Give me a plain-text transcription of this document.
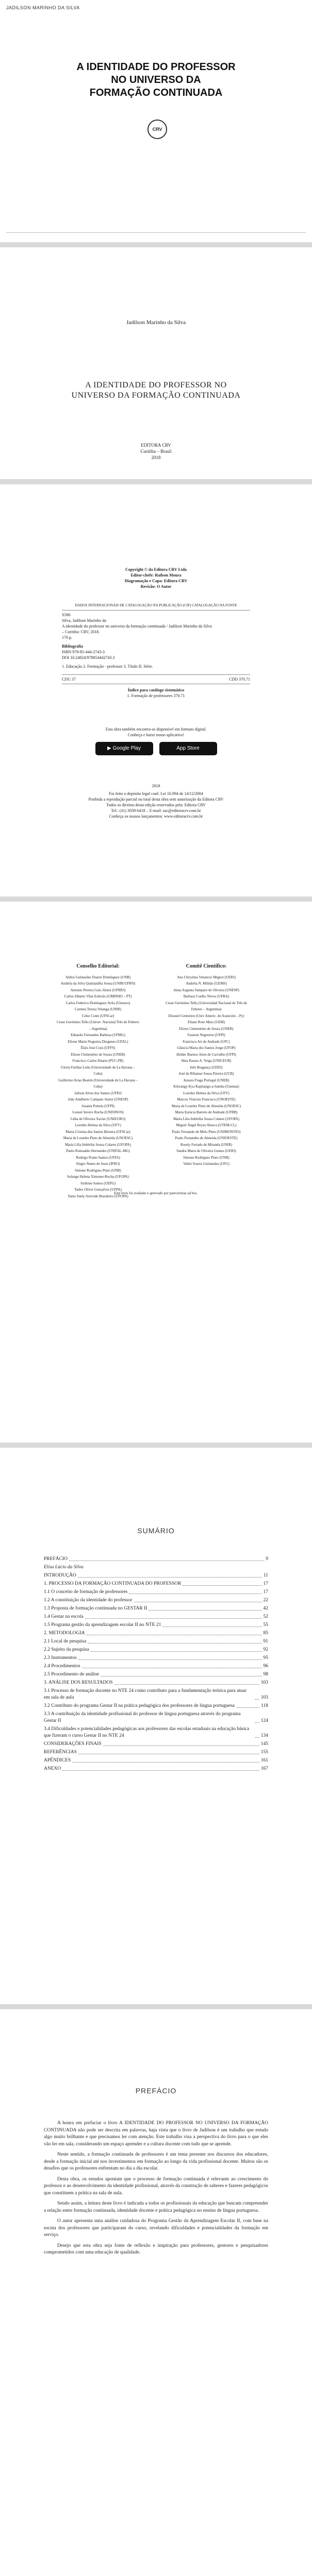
JADILSON MARINHO DA SILVA
A IDENTIDADE DO PROFESSOR
NO UNIVERSO DA
FORMAÇÃO CONTINUADA
CRV
Jadilson Marinho da Silva
A IDENTIDADE DO PROFESSOR NO
UNIVERSO DA FORMAÇÃO CONTINUADA
EDITORA CRV
Curitiba – Brasil
2018
Copyright © da Editora CRV Ltda
Editor-chefe: Railson Moura
Diagramação e Capa: Editora CRV
Revisão: O Autor
DADOS INTERNACIONAIS DE CATALOGAÇÃO NA PUBLICAÇÃO (CIP) CATALOGAÇÃO NA FONTE
S586
Silva, Jadilson Marinho da
A identidade do professor no universo da formação continuada / Jadilson Marinho da Silva
– Curitiba: CRV, 2018.
170 p.
Bibliografia
ISBN 978-85-444-2743-3
DOI 10.24824/978854442743.3
1. Educação 2. Formação - professor 3. Título II. Série.
CDU 37	CDD 370.71
Índice para catálogo sistemático
1. Formação de professores 370.71
Esta obra também encontra-se disponível em formato digital.
Conheça e baixe nosso aplicativo!
▶ Google Play	App Store
2018
Foi feito o depósito legal conf. Lei 10.994 de 14/12/2004
Proibida a reprodução parcial ou total desta obra sem autorização da Editora CRV
Todos os direitos desta edição reservados pela: Editora CRV
Tel.: (41) 3039-6418 – E-mail: sac@editoracrv.com.br
Conheça os nossos lançamentos: www.editoracrv.com.br
Conselho Editorial:
Aldira Guimarães Duarte Domínguez (UNB)
Andréia da Silva Quintanilha Sousa (UNIR/UFRN)
Antonio Pereira Gaio Júnior (UFRRJ)
Carlos Alberto Vilar Estêvão (UMINHO – PT)
Carlos Federico Dominguez Avila (Unieuro)
Carmen Tereza Velanga (UNIR)
Celso Conti (UFSCar)
Cesar Gerónimo Tello (Univer .Nacional Três de Febrero – Argentina)
Eduardo Fernandes Barbosa (UFMG)
Elione Maria Nogueira Diogenes (UFAL)
Élsio José Corá (UFFS)
Elizeu Clementino de Souza (UNEB)
Francisco Carlos Duarte (PUC-PR)
Gloria Fariñas León (Universidade de La Havana – Cuba)
Guillermo Arias Beatón (Universidade de La Havana – Cuba)
Jailson Alves dos Santos (UFRJ)
João Adalberto Campato Junior (UNESP)
Josania Portela (UFPI)
Leonel Severo Rocha (UNISINOS)
Lídia de Oliveira Xavier (UNIEURO)
Lourdes Helena da Silva (UFV)
Maria Cristina dos Santos Bezerra (UFSCar)
Maria de Lourdes Pinto de Almeida (UNOESC)
Maria Lília Imbiriba Sousa Colares (UFOPA)
Paulo Romualdo Hernandes (UNIFAL-MG)
Rodrigo Pratte-Santos (UFES)
Sérgio Nunes de Jesus (IFRO)
Simone Rodrigues Pinto (UNB)
Solange Helena Ximenes-Rocha (UFOPA)
Sydione Santos (UEPG)
Tadeu Oliver Gonçalves (UFPA)
Tania Suely Azevedo Brasileiro (UFOPA)
Comitê Científico:
Ana Chrystina Venancio Mignot (UERJ)
Andréia N. Militão (UEMS)
Anna Augusta Sampaio de Oliveira (UNESP)
Barbara Coelho Neves (UFBA)
Cesar Gerónimo Tello (Universidad Nacional de Três de Febrero – Argentina)
Diosnel Centurion (Univ Americ. de Asunción – Py)
Eliane Rose Maio (UEM)
Elizeu Clementino de Souza (UNEB)
Fauston Negreiros (UFPI)
Francisco Ari de Andrade (UFC)
Gláucia Maria dos Santos Jorge (UFOP)
Helder Buenos Aires de Carvalho (UFPI)
Ilma Passos A. Veiga (UNICEUB)
Inês Bragança (UERJ)
José de Ribamar Sousa Pereira (UCB)
Jussara Fraga Portugal (UNEB)
Kilwangy Kya Kapitango-a-Samba (Unemat)
Lourdes Helena da Silva (UFV)
Marcos Vinicius Francisco (UNOESTE)
Maria de Lourdes Pinto de Almeida (UNOESC)
Maria Eurácia Barreto de Andrade (UFRB)
Maria Lília Imbiriba Sousa Colares (UFOPA)
Míguel Ángel Reyes Abarca (UTEM-CL)
Paulo Fernando de Melo Pinto (UNIMONTES)
Paulo Fernandes de Almeida (UNIOESTE)
Rosely Furtado de Miranda (UNIR)
Sandra Maria de Oliveira Gomes (UERJ)
Simone Rodrigues Pinto (UNB)
Valter Soares Guimarães (UFG)
Este livro foi avaliado e aprovado por pareceristas ad hoc.
SUMÁRIO
PREFÁCIO	9
Elisa Lúcio da Silva
INTRODUÇÃO	11
1. PROCESSO DA FORMAÇÃO CONTINUADA DO PROFESSOR	17
1.1 O conceito de formação de professores	17
1.2 A constituição da identidade do professor	22
1.3 Proposta de formação continuada no GESTAR II	42
1.4 Gestar na escola	52
1.5 Programa gestão da aprendizagem escolar II no NTE 21	55
2. METODOLOGIA	85
2.1 Local de pesquisa	91
2.2 Sujeito da pesquisa	92
2.3 Instrumentos	95
2.4 Procedimentos	96
2.5 Procedimento de análise	98
3. ANÁLISE DOS RESULTADOS	103
3.1 Processo de formação docente no NTE 24 como contributo para a fundamentação teórica para atuar em sala de aula	103
3.2 Contributo do programa Gestar II na prática pedagógica dos professores de língua portuguesa	118
3.3 A contribuição da identidade profissional do professor de língua portuguesa através do programa Gestar II	124
3.4 Dificuldades e potencialidades pedagógicas aos professores das escolas estaduais na educação básica que fizeram o curso Gestar II no NTE 24	134
CONSIDERAÇÕES FINAIS	145
REFERÊNCIAS	155
APÊNDICES	161
ANEXO	167
PREFÁCIO

A honra em prefaciar o livro A IDENTIDADE DO PROFESSOR NO UNIVERSO DA FORMAÇÃO CONTINUADA não pode ser descrita em palavras, haja vista que o livro de Jadilson é um trabalho que estudo algo muito brilhante e que precisamos ler com atenção. Este trabalho visa a perspectiva do livro para o que eles vão ler em sala, considerando um espaço aprender e a cultura docente com tudo que se aprende.

Neste sentido, a formação continuada de professores é um tema presente nos discursos dos educadores, desde a formação inicial até nos investimentos em formação ao longo da vida profissional docente. Muitos são os desafios que os professores enfrentam no dia a dia escolar.

Desta obra, os estudos apontam que o processo de formação continuada é relevante ao crescimento do professor e ao desenvolvimento da identidade profissional, através da construção de saberes e fazeres pedagógicos que constituem a prática na sala de aula.

Sendo assim, a leitura deste livro é indicada a todos os profissionais da educação que buscam compreender a relação entre formação continuada, identidade docente e prática pedagógica no ensino de língua portuguesa.

O autor apresenta uma análise cuidadosa do Programa Gestão da Aprendizagem Escolar II, com base na escuta dos professores que participaram do curso, revelando dificuldades e potencialidades da formação em serviço.

Desejo que esta obra seja fonte de reflexão e inspiração para professores, gestores e pesquisadores comprometidos com uma educação de qualidade.
